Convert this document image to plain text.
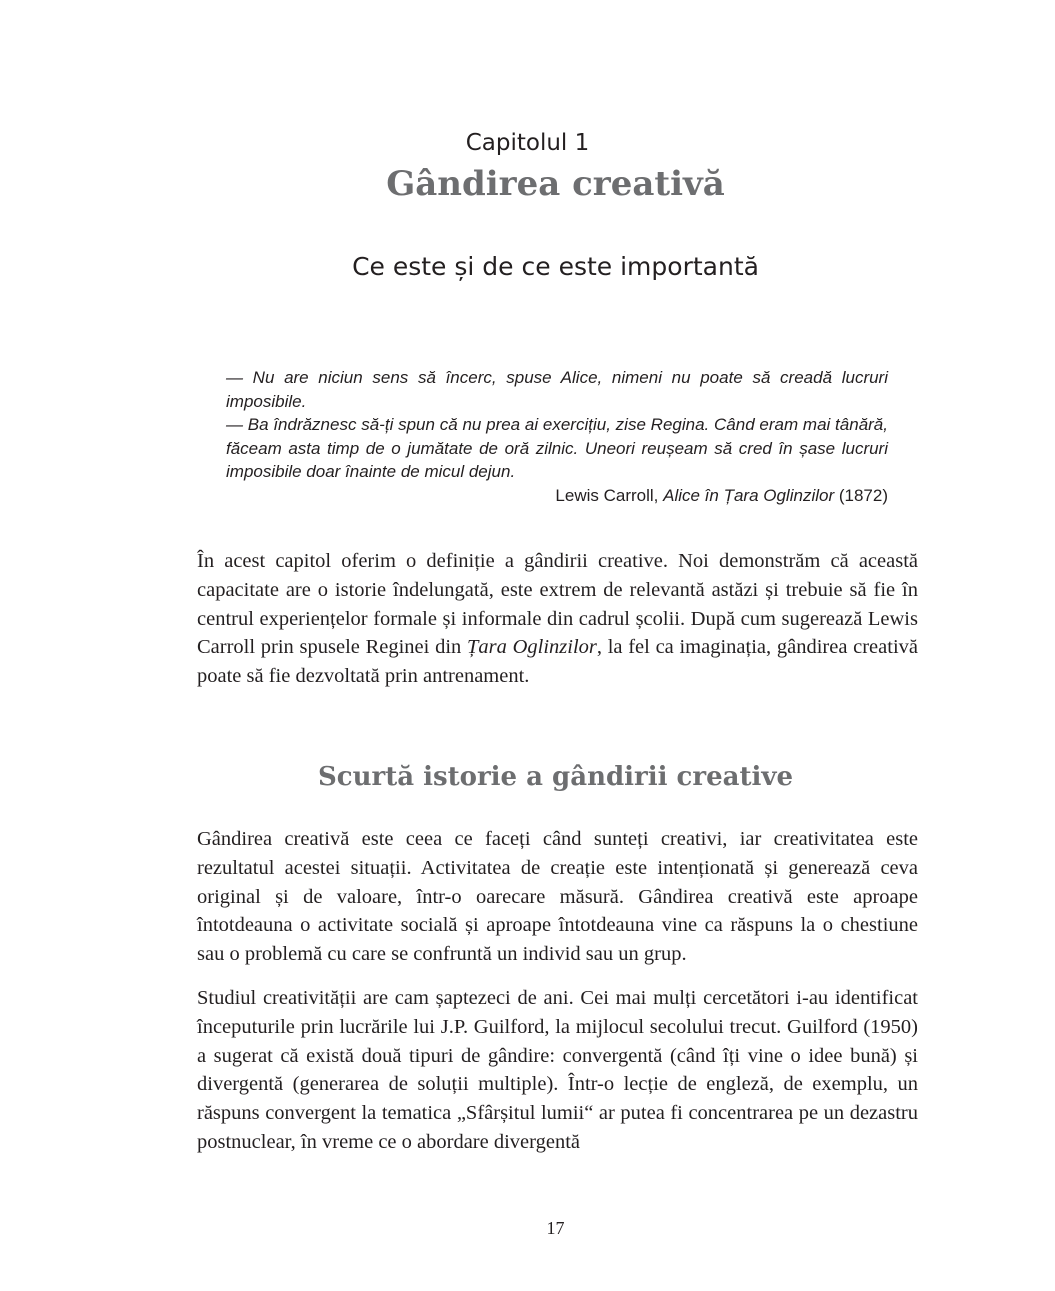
Capitolul 1
Gândirea creativă
Ce este și de ce este importantă

— Nu are niciun sens să încerc, spuse Alice, nimeni nu poate să creadă lucruri imposibile.

— Ba îndrăznesc să-ți spun că nu prea ai exercițiu, zise Regina. Când eram mai tânără, făceam asta timp de o jumătate de oră zilnic. Uneori reușeam să cred în șase lucruri imposibile doar înainte de micul dejun.

Lewis Carroll, Alice în Țara Oglinzilor (1872)

În acest capitol oferim o definiție a gândirii creative. Noi demonstrăm că această capacitate are o istorie îndelungată, este extrem de relevantă astăzi și trebuie să fie în centrul experiențelor formale și informale din cadrul școlii. După cum sugerează Lewis Carroll prin spusele Reginei din Țara Oglinzilor, la fel ca imaginația, gândirea creativă poate să fie dezvoltată prin antrenament.

Scurtă istorie a gândirii creative

Gândirea creativă este ceea ce faceți când sunteți creativi, iar creativitatea este rezultatul acestei situații. Activitatea de creație este intenționată și generează ceva original și de valoare, într-o oarecare măsură. Gândirea creativă este aproape întotdeauna o activitate socială și aproape întotdeauna vine ca răspuns la o chestiune sau o problemă cu care se confruntă un individ sau un grup.

Studiul creativității are cam șaptezeci de ani. Cei mai mulți cercetători i-au identificat începuturile prin lucrările lui J.P. Guilford, la mijlocul secolului trecut. Guilford (1950) a sugerat că există două tipuri de gândire: convergentă (când îți vine o idee bună) și divergentă (generarea de soluții multiple). Într-o lecție de engleză, de exemplu, un răspuns convergent la tematica „Sfârșitul lumii“ ar putea fi concentrarea pe un dezastru postnuclear, în vreme ce o abordare divergentă

17
